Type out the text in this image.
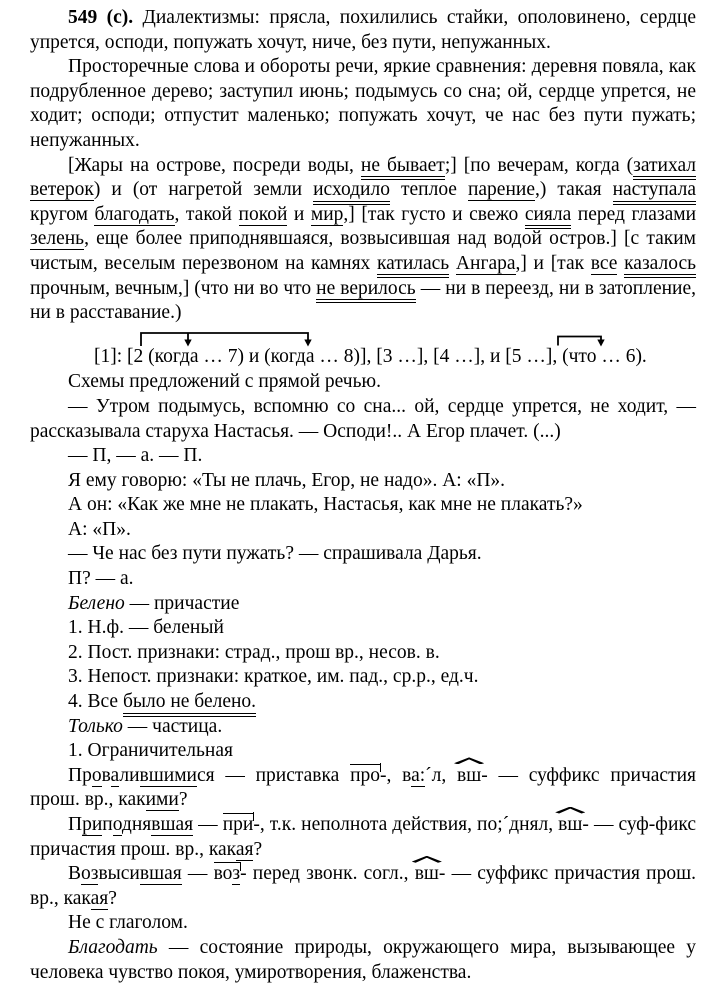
549 (с). Диалектизмы: прясла, похилились стайки, ополовинено, сердце упрется, осподи, попужать хочут, ниче, без пути, непужанных.

Просторечные слова и обороты речи, яркие сравнения: деревня повяла, как подрубленное дерево; заступил июнь; подымусь со сна; ой, сердце упрется, не ходит; осподи; отпустит маленько; попужать хочут, че нас без пути пужать; непужанных.

[Жары на острове, посреди воды, не бывает;] [по вечерам, когда (затихал ветерок) и (от нагретой земли исходило теплое парение,) такая наступала кругом благодать, такой покой и мир,] [так густо и свежо сияла перед глазами зелень, еще более приподнявшаяся, возвысившая над водой остров.] [с таким чистым, веселым перезвоном на камнях катилась Ангара,] и [так все казалось прочным, вечным,] (что ни во что не верилось — ни в переезд, ни в затопление, ни в расставание.)

[1]: [2 (когда … 7) и (когда … 8)], [3 …], [4 …], и [5 …], (что … 6).

Схемы предложений с прямой речью.

— Утром подымусь, вспомню со сна... ой, сердце упрется, не ходит, — рассказывала старуха Настасья. — Осподи!.. А Егор плачет. (...)

— П, — а. — П.

Я ему говорю: «Ты не плачь, Егор, не надо». А: «П».

А он: «Как же мне не плакать, Настасья, как мне не плакать?»

А: «П».

— Че нас без пути пужать? — спрашивала Дарья.

П? — а.

Белено — причастие

1. Н.ф. — беленый

2. Пост. признаки: страд., прош вр., несов. в.

3. Непост. признаки: краткое, им. пад., ср.р., ед.ч.

4. Все было не белено.

Только — частица.

1. Ограничительная

Провалившимися — приставка про-, ва:´л, вш- — суффикс причастия прош. вр., какими?

Приподнявшая — при-, т.к. неполнота действия, по;´днял, вш- — суф-фикс причастия прош. вр., какая?

Возвысившая — воз- перед звонк. согл., вш- — суффикс причастия прош. вр., какая?

Не с глаголом.

Благодать — состояние природы, окружающего мира, вызывающее у человека чувство покоя, умиротворения, блаженства.
